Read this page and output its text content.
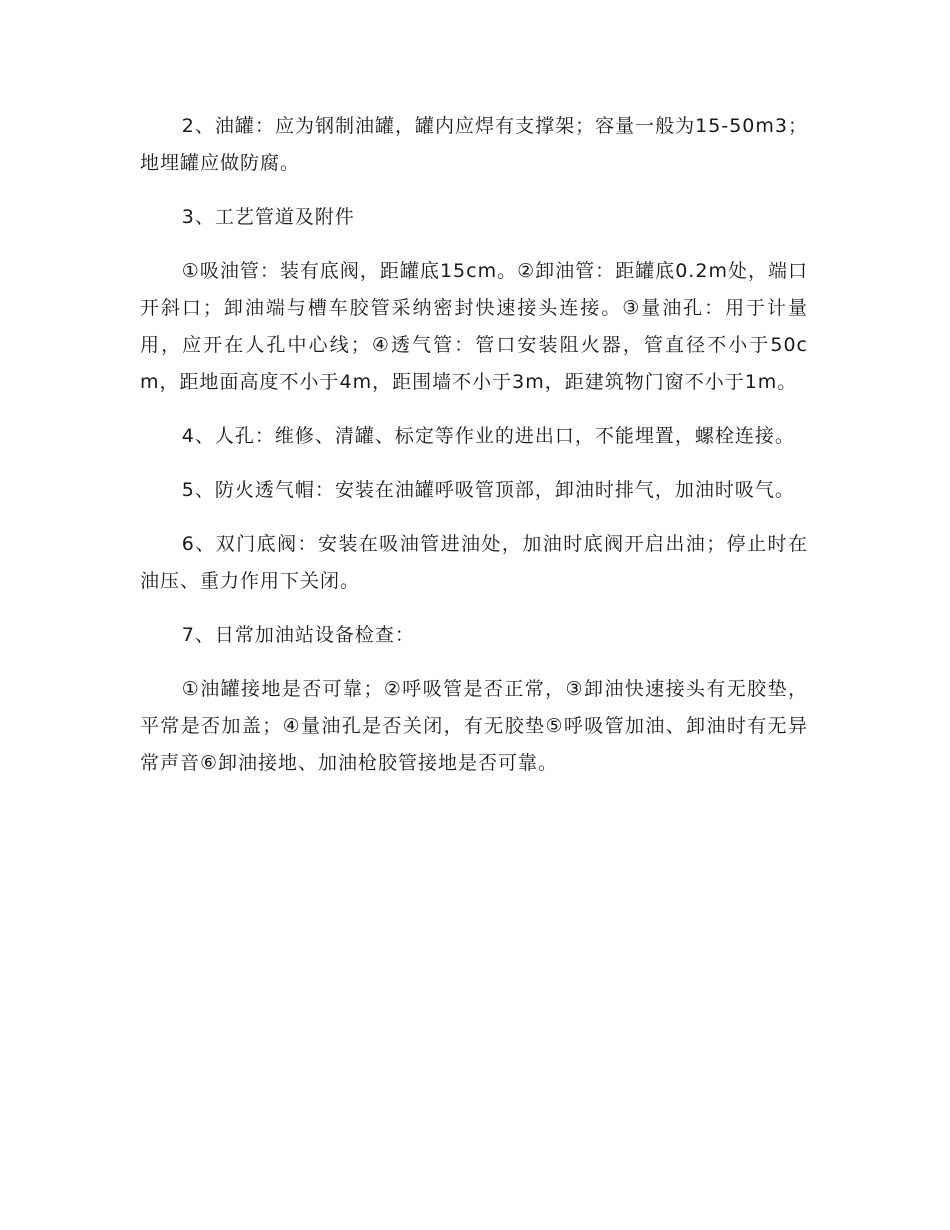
2、油罐：应为钢制油罐，罐内应焊有支撑架；容量一般为15-50m3；地埋罐应做防腐。

3、工艺管道及附件

①吸油管：装有底阀，距罐底15cm。②卸油管：距罐底0.2m处，端口开斜口；卸油端与槽车胶管采纳密封快速接头连接。③量油孔：用于计量用，应开在人孔中心线；④透气管：管口安装阻火器，管直径不小于50cm，距地面高度不小于4m，距围墙不小于3m，距建筑物门窗不小于1m。

4、人孔：维修、清罐、标定等作业的进出口，不能埋置，螺栓连接。

5、防火透气帽：安装在油罐呼吸管顶部，卸油时排气，加油时吸气。

6、双门底阀：安装在吸油管进油处，加油时底阀开启出油；停止时在油压、重力作用下关闭。

7、日常加油站设备检查：

①油罐接地是否可靠；②呼吸管是否正常，③卸油快速接头有无胶垫，平常是否加盖；④量油孔是否关闭，有无胶垫⑤呼吸管加油、卸油时有无异常声音⑥卸油接地、加油枪胶管接地是否可靠。
